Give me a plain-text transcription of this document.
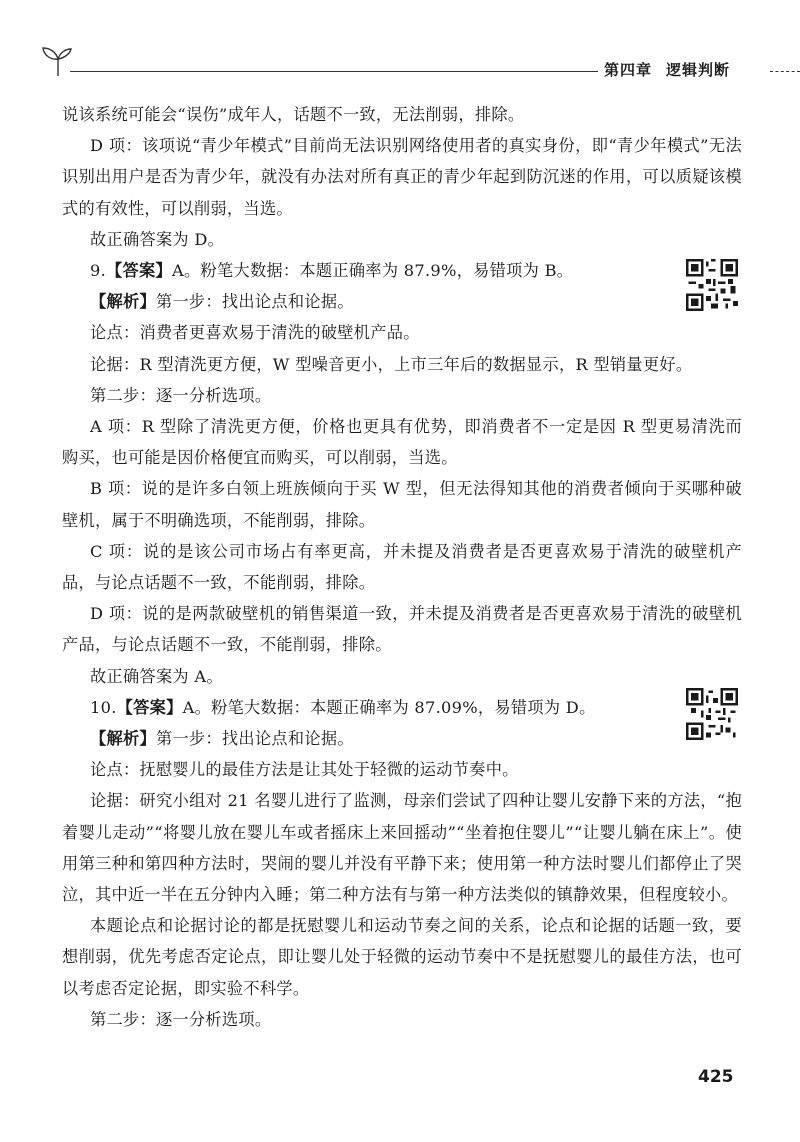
第四章 逻辑判断

说该系统可能会“误伤”成年人，话题不一致，无法削弱，排除。

D 项：该项说“青少年模式”目前尚无法识别网络使用者的真实身份，即“青少年模式”无法识别出用户是否为青少年，就没有办法对所有真正的青少年起到防沉迷的作用，可以质疑该模式的有效性，可以削弱，当选。

故正确答案为 D。

9.【答案】A。粉笔大数据：本题正确率为 87.9%，易错项为 B。

【解析】第一步：找出论点和论据。

论点：消费者更喜欢易于清洗的破壁机产品。

论据：R 型清洗更方便，W 型噪音更小，上市三年后的数据显示，R 型销量更好。

第二步：逐一分析选项。

A 项：R 型除了清洗更方便，价格也更具有优势，即消费者不一定是因 R 型更易清洗而购买，也可能是因价格便宜而购买，可以削弱，当选。

B 项：说的是许多白领上班族倾向于买 W 型，但无法得知其他的消费者倾向于买哪种破壁机，属于不明确选项，不能削弱，排除。

C 项：说的是该公司市场占有率更高，并未提及消费者是否更喜欢易于清洗的破壁机产品，与论点话题不一致，不能削弱，排除。

D 项：说的是两款破壁机的销售渠道一致，并未提及消费者是否更喜欢易于清洗的破壁机产品，与论点话题不一致，不能削弱，排除。

故正确答案为 A。

10.【答案】A。粉笔大数据：本题正确率为 87.09%，易错项为 D。

【解析】第一步：找出论点和论据。

论点：抚慰婴儿的最佳方法是让其处于轻微的运动节奏中。

论据：研究小组对 21 名婴儿进行了监测，母亲们尝试了四种让婴儿安静下来的方法，“抱着婴儿走动”“将婴儿放在婴儿车或者摇床上来回摇动”“坐着抱住婴儿”“让婴儿躺在床上”。使用第三种和第四种方法时，哭闹的婴儿并没有平静下来；使用第一种方法时婴儿们都停止了哭泣，其中近一半在五分钟内入睡；第二种方法有与第一种方法类似的镇静效果，但程度较小。

本题论点和论据讨论的都是抚慰婴儿和运动节奏之间的关系，论点和论据的话题一致，要想削弱，优先考虑否定论点，即让婴儿处于轻微的运动节奏中不是抚慰婴儿的最佳方法，也可以考虑否定论据，即实验不科学。

第二步：逐一分析选项。

425
